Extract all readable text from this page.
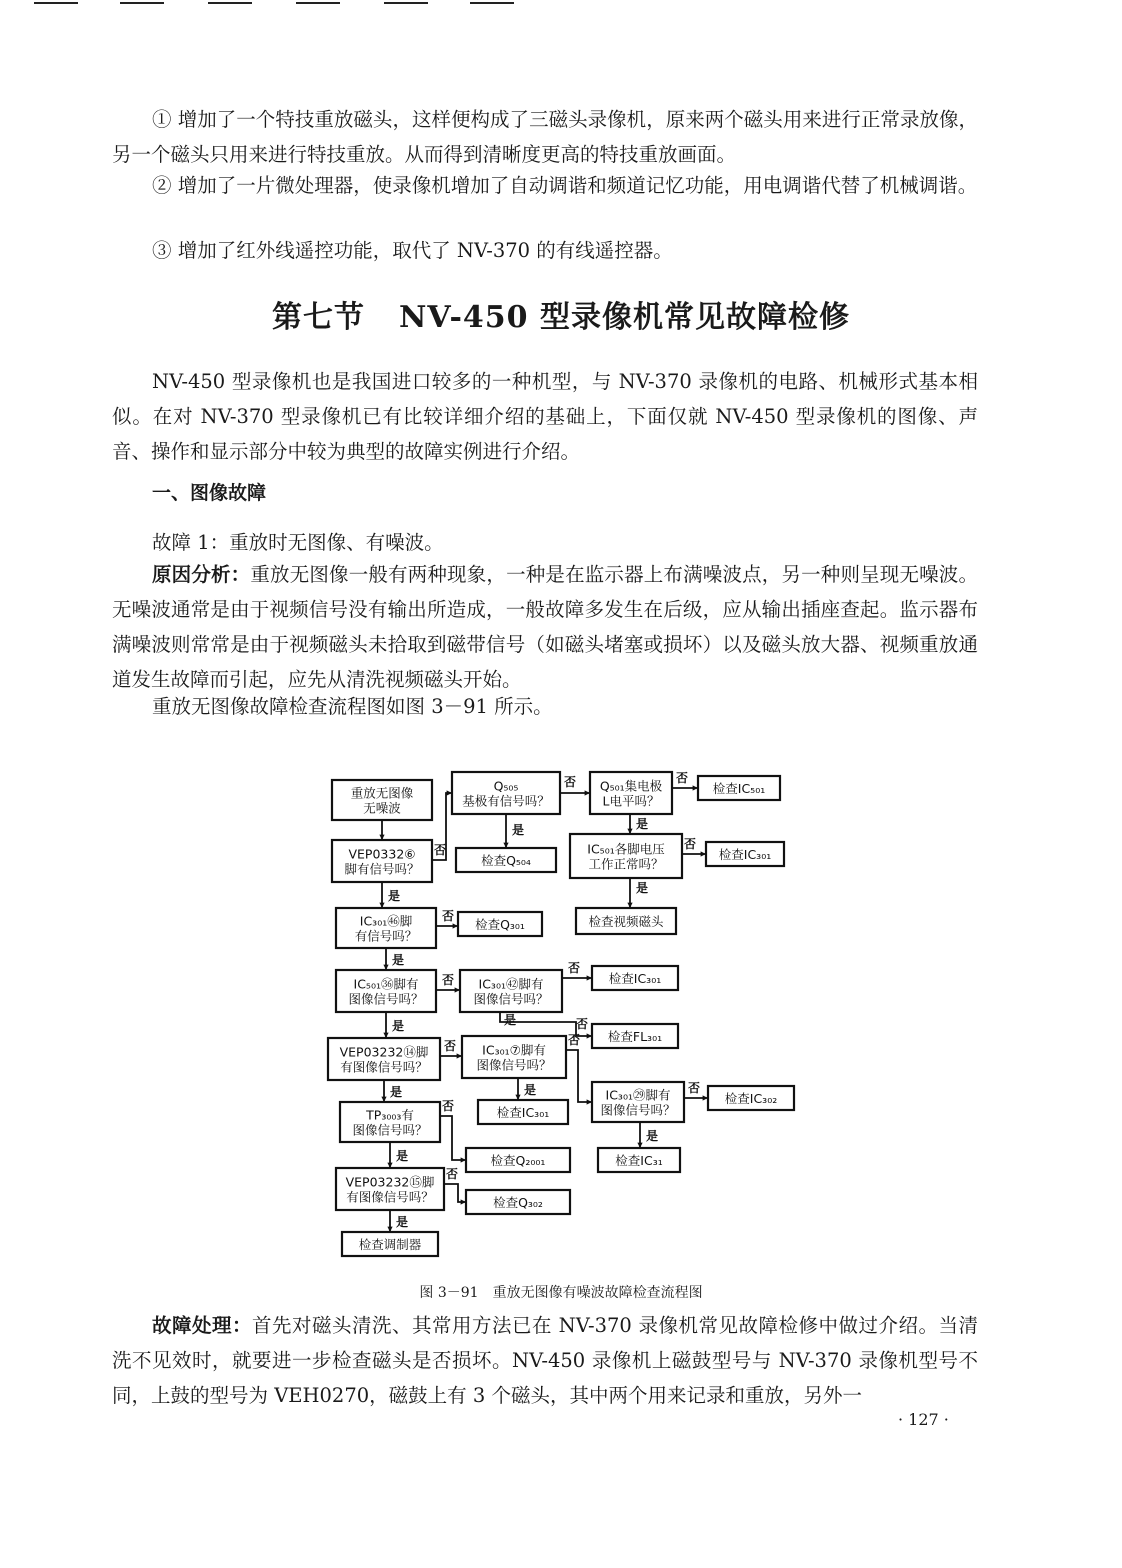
① 增加了一个特技重放磁头，这样便构成了三磁头录像机，原来两个磁头用来进行正常录放像，另一个磁头只用来进行特技重放。从而得到清晰度更高的特技重放画面。

② 增加了一片微处理器，使录像机增加了自动调谐和频道记忆功能，用电调谐代替了机械调谐。

③ 增加了红外线遥控功能，取代了 NV-370 的有线遥控器。

第七节 NV-450 型录像机常见故障检修

NV-450 型录像机也是我国进口较多的一种机型，与 NV-370 录像机的电路、机械形式基本相似。在对 NV-370 型录像机已有比较详细介绍的基础上，下面仅就 NV-450 型录像机的图像、声音、操作和显示部分中较为典型的故障实例进行介绍。

一、图像故障

故障 1：重放时无图像、有噪波。

原因分析：重放无图像一般有两种现象，一种是在监示器上布满噪波点，另一种则呈现无噪波。无噪波通常是由于视频信号没有输出所造成，一般故障多发生在后级，应从输出插座查起。监示器布满噪波则常常是由于视频磁头未拾取到磁带信号（如磁头堵塞或损坏）以及磁头放大器、视频重放通道发生故障而引起，应先从清洗视频磁头开始。

重放无图像故障检查流程图如图 3－91 所示。

重放无图像
无噪波
VEP0332⑥
脚有信号吗？
IC₃₀₁㊻脚
有信号吗？
IC₅₀₁㊱脚有
图像信号吗？
VEP03232⑭脚
有图像信号吗？
TP₃₀₀₃有
图像信号吗？
VEP03232⑮脚
有图像信号吗？
检查调制器
Q₅₀₅
基极有信号吗？
检查Q₅₀₄
Q₅₀₁集电极
L电平吗？
检查IC₅₀₁
IC₅₀₁各脚电压
工作正常吗？
检查IC₃₀₁
检查视频磁头
检查Q₃₀₁
IC₃₀₁㊷脚有
图像信号吗？
检查IC₃₀₁
检查FL₃₀₁
IC₃₀₁⑦脚有
图像信号吗？
检查IC₃₀₁
IC₃₀₁㉙脚有
图像信号吗？
检查IC₃₀₂
检查IC₃₁
检查Q₂₀₀₁
检查Q₃₀₂
是
是
是
是
是
是
否
否
是
否
是
否
是
否
否
否
是	否
否	否
是	否
是
否
否

图 3－91　重放无图像有噪波故障检查流程图

故障处理：首先对磁头清洗、其常用方法已在 NV-370 录像机常见故障检修中做过介绍。当清洗不见效时，就要进一步检查磁头是否损坏。NV-450 录像机上磁鼓型号与 NV-370 录像机型号不同，上鼓的型号为 VEH0270，磁鼓上有 3 个磁头，其中两个用来记录和重放，另外一

· 127 ·
